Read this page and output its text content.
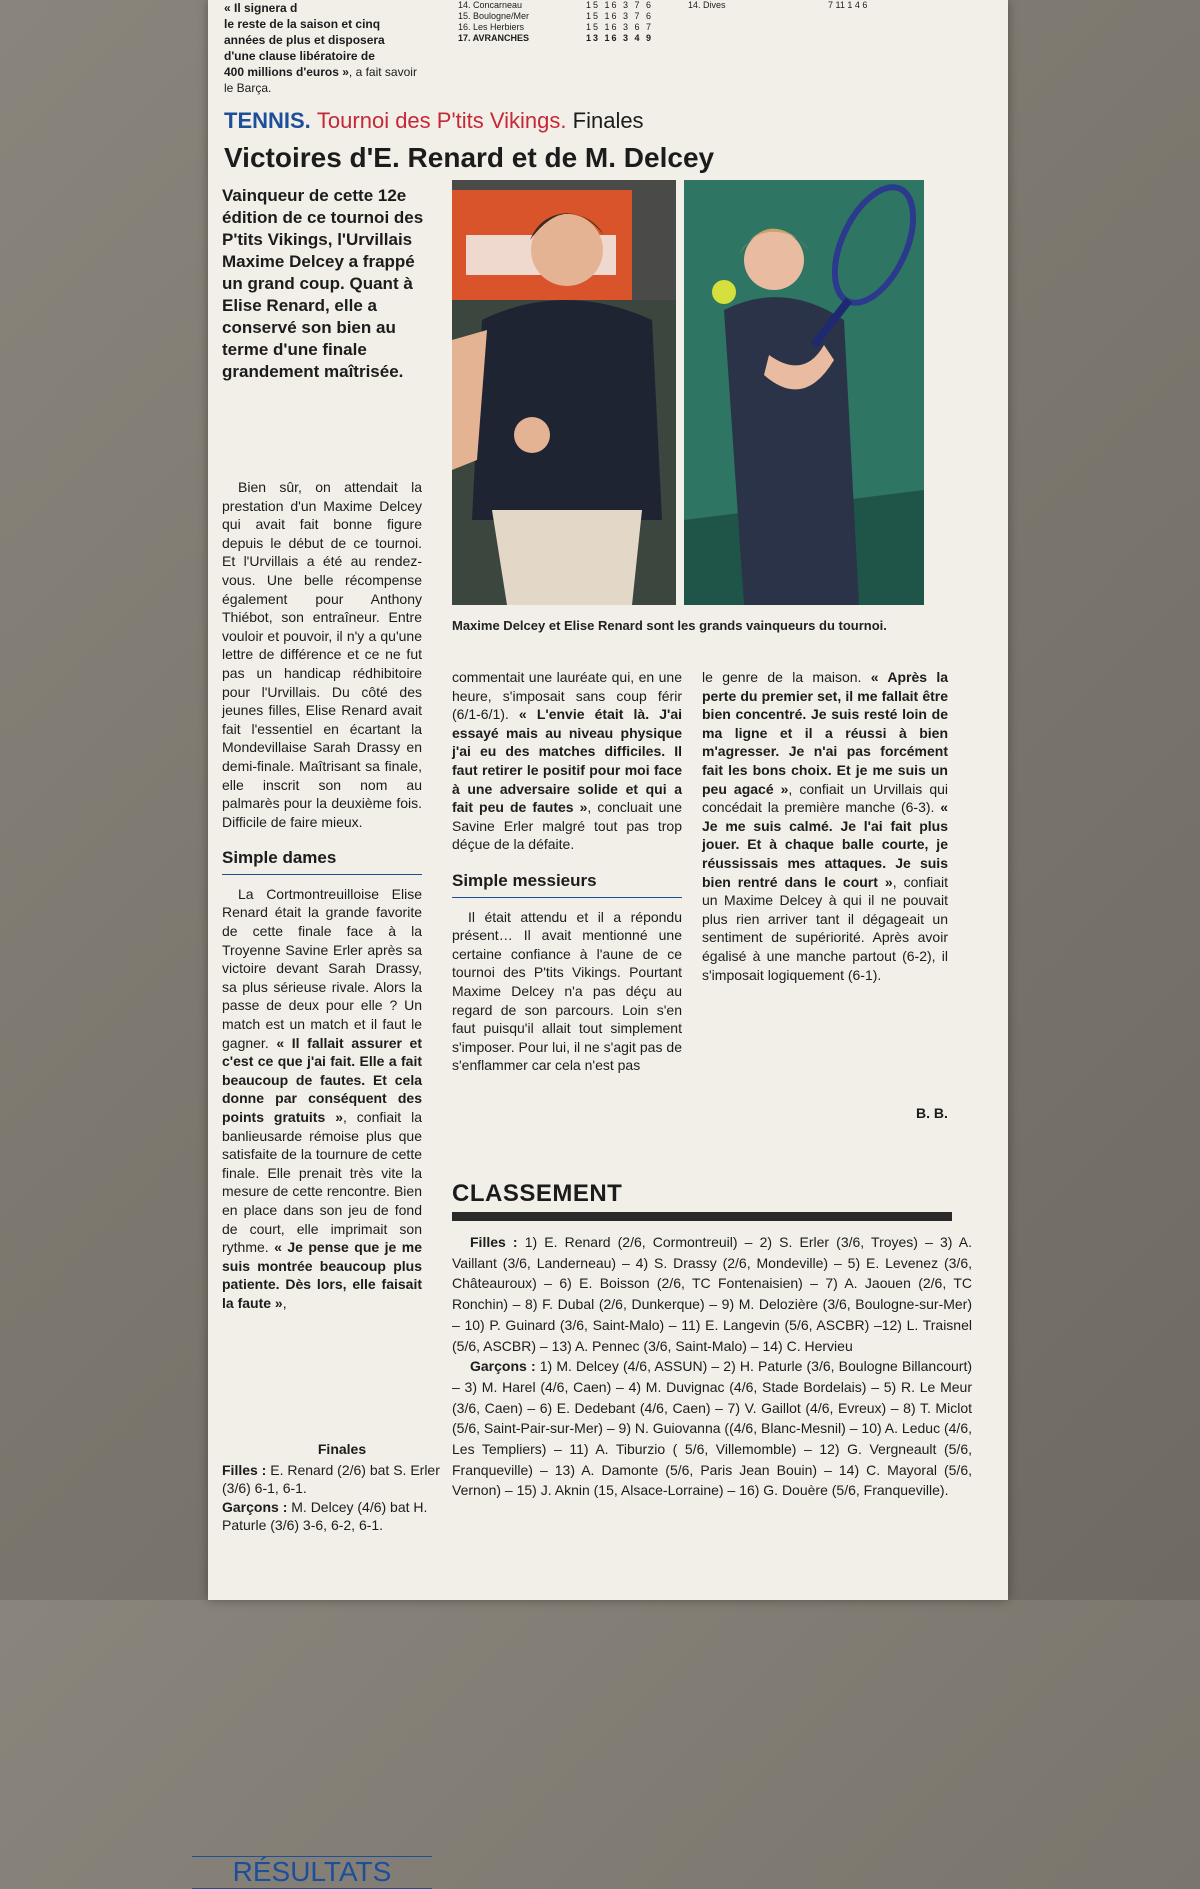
« Il signera d
le reste de la saison et cinq
années de plus et disposera
d'une clause libératoire de
400 millions d'euros », a fait savoir le Barça.
14. Concarneau	15 16 3 7 6
15. Boulogne/Mer	15 16 3 7 6
16. Les Herbiers	15 16 3 6 7
17. AVRANCHES	13 16 3 4 9
14. Dives	7 11 1 4 6
TENNIS. Tournoi des P'tits Vikings. Finales
Victoires d'E. Renard et de M. Delcey
Vainqueur de cette 12e édition de ce tournoi des P'tits Vikings, l'Urvillais Maxime Delcey a frappé un grand coup. Quant à Elise Renard, elle a conservé son bien au terme d'une finale grandement maîtrisée.
Maxime Delcey et Elise Renard sont les grands vainqueurs du tournoi.

Bien sûr, on attendait la prestation d'un Maxime Delcey qui avait fait bonne figure depuis le début de ce tournoi. Et l'Urvillais a été au rendez-vous. Une belle récompense également pour Anthony Thiébot, son entraîneur. Entre vouloir et pouvoir, il n'y a qu'une lettre de différence et ce ne fut pas un handicap rédhibitoire pour l'Urvillais. Du côté des jeunes filles, Elise Renard avait fait l'essentiel en écartant la Mondevillaise Sarah Drassy en demi-finale. Maîtrisant sa finale, elle inscrit son nom au palmarès pour la deuxième fois. Difficile de faire mieux.

Simple dames

La Cortmontreuilloise Elise Renard était la grande favorite de cette finale face à la Troyenne Savine Erler après sa victoire devant Sarah Drassy, sa plus sérieuse rivale. Alors la passe de deux pour elle ? Un match est un match et il faut le gagner. « Il fallait assurer et c'est ce que j'ai fait. Elle a fait beaucoup de fautes. Et cela donne par conséquent des points gratuits », confiait la banlieusarde rémoise plus que satisfaite de la tournure de cette finale. Elle prenait très vite la mesure de cette rencontre. Bien en place dans son jeu de fond de court, elle imprimait son rythme. « Je pense que je me suis montrée beaucoup plus patiente. Dès lors, elle faisait la faute »,

RÉSULTATS
Finales

Filles : E. Renard (2/6) bat S. Erler (3/6) 6-1, 6-1.

Garçons : M. Delcey (4/6) bat H. Paturle (3/6) 3-6, 6-2, 6-1.

commentait une lauréate qui, en une heure, s'imposait sans coup férir (6/1-6/1). « L'envie était là. J'ai essayé mais au niveau physique j'ai eu des matches difficiles. Il faut retirer le positif pour moi face à une adversaire solide et qui a fait peu de fautes », concluait une Savine Erler malgré tout pas trop déçue de la défaite.

Simple messieurs

Il était attendu et il a répondu présent… Il avait mentionné une certaine confiance à l'aune de ce tournoi des P'tits Vikings. Pourtant Maxime Delcey n'a pas déçu au regard de son parcours. Loin s'en faut puisqu'il allait tout simplement s'imposer. Pour lui, il ne s'agit pas de s'enflammer car cela n'est pas

le genre de la maison. « Après la perte du premier set, il me fallait être bien concentré. Je suis resté loin de ma ligne et il a réussi à bien m'agresser. Je n'ai pas forcément fait les bons choix. Et je me suis un peu agacé », confiait un Urvillais qui concédait la première manche (6-3). « Je me suis calmé. Je l'ai fait plus jouer. Et à chaque balle courte, je réussissais mes attaques. Je suis bien rentré dans le court », confiait un Maxime Delcey à qui il ne pouvait plus rien arriver tant il dégageait un sentiment de supériorité. Après avoir égalisé à une manche partout (6-2), il s'imposait logiquement (6-1).

B. B.
CLASSEMENT

Filles : 1) E. Renard (2/6, Cormontreuil) – 2) S. Erler (3/6, Troyes) – 3) A. Vaillant (3/6, Landerneau) – 4) S. Drassy (2/6, Mondeville) – 5) E. Levenez (3/6, Châteauroux) – 6) E. Boisson (2/6, TC Fontenaisien) – 7) A. Jaouen (2/6, TC Ronchin) – 8) F. Dubal (2/6, Dunkerque) – 9) M. Delozière (3/6, Boulogne-sur-Mer) – 10) P. Guinard (3/6, Saint-Malo) – 11) E. Langevin (5/6, ASCBR) –12) L. Traisnel (5/6, ASCBR) – 13) A. Pennec (3/6, Saint-Malo) – 14) C. Hervieu

Garçons : 1) M. Delcey (4/6, ASSUN) – 2) H. Paturle (3/6, Boulogne Billancourt) – 3) M. Harel (4/6, Caen) – 4) M. Duvignac (4/6, Stade Bordelais) – 5) R. Le Meur (3/6, Caen) – 6) E. Dedebant (4/6, Caen) – 7) V. Gaillot (4/6, Evreux) – 8) T. Miclot (5/6, Saint-Pair-sur-Mer) – 9) N. Guiovanna ((4/6, Blanc-Mesnil) – 10) A. Leduc (4/6, Les Templiers) – 11) A. Tiburzio ( 5/6, Villemomble) – 12) G. Vergneault (5/6, Franqueville) – 13) A. Damonte (5/6, Paris Jean Bouin) – 14) C. Mayoral (5/6, Vernon) – 15) J. Aknin (15, Alsace-Lorraine) – 16) G. Douère (5/6, Franqueville).
